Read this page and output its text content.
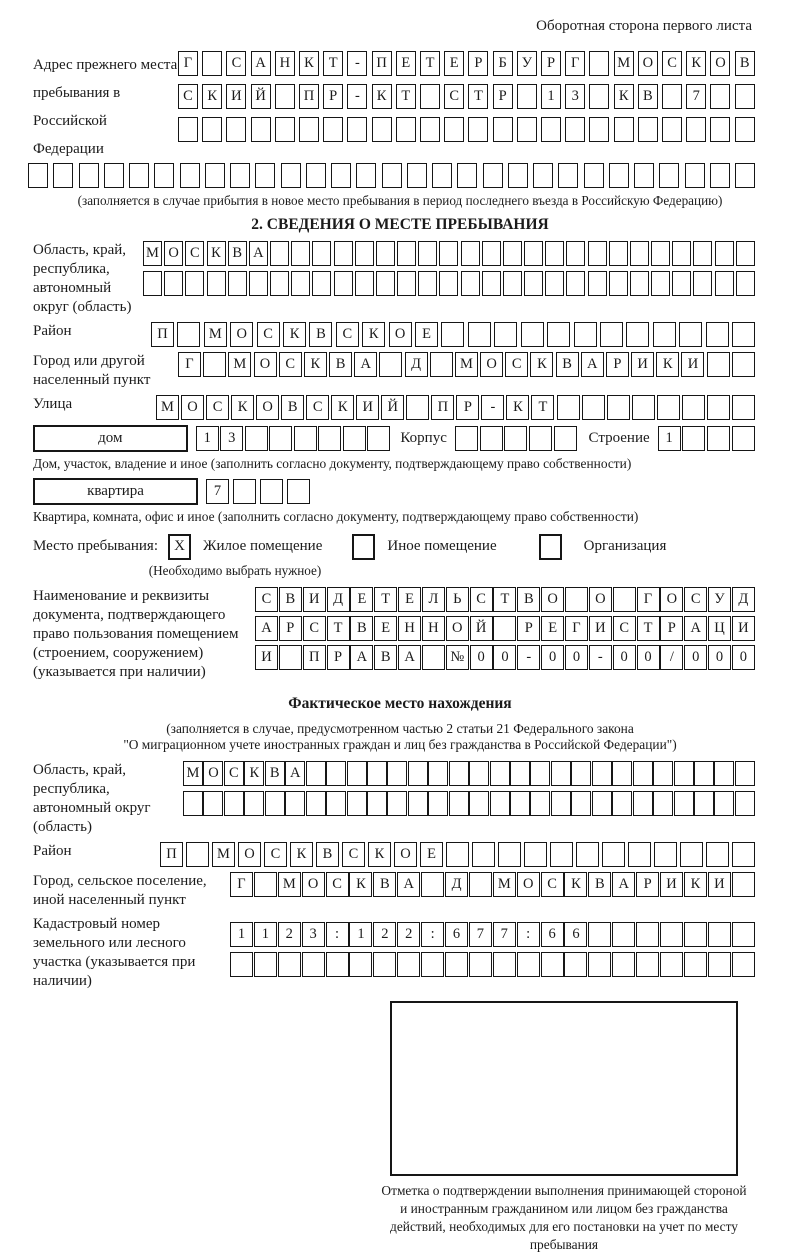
Оборотная сторона первого листа
Адрес прежнего места пребывания в Российской Федерации
Г	С А Н К	Т	-	П	Е	Т	Е	Р	Б	У	Р	Г	М О С	К О В
С	К И Й	П	Р	-	К	Т	С	Т	Р	1	3	К	В	7
(заполняется в случае прибытия в новое место пребывания в период последнего въезда в Российскую Федерацию)
2. СВЕДЕНИЯ О МЕСТЕ ПРЕБЫВАНИЯ
Область, край, республика, автономный округ (область)
М О С К В А
Район	П	М	О	С	К	В	С	К	О	Е
Город или другой населенный пункт
Г	М О	С	К	В	А	Д	М О	С	К	В	А	Р	И	К	И
Улица	М О	С	К	О	В	С	К	И	Й	П	Р	-	К	Т
дом	1	3	Корпус	Строение	1
Дом, участок, владение и иное (заполнить согласно документу, подтверждающему право собственности)
квартира	7
Квартира, комната, офис и иное (заполнить согласно документу, подтверждающему право собственности)
Место пребывания:	X	Жилое помещение	Иное помещение	Организация
(Необходимо выбрать нужное)
Наименование и реквизиты документа, подтверждающего право пользования помещением (строением, сооружением) (указывается при наличии)
С В И Д Е	Т	Е	Л	Ь	С	Т	В О	О	Г О С У Д
А	Р	С	Т	В	Е Н Н О Й	Р	Е	Г И С	Т	Р	А Ц И
И	П	Р	А В А	№ 0	0	-	0	0	-	0	0	/	0	0	0
Фактическое место нахождения
(заполняется в случае, предусмотренном частью 2 статьи 21 Федерального закона
"О миграционном учете иностранных граждан и лиц без гражданства в Российской Федерации")
Область, край, республика, автономный округ (область)
М О С К В А
Район	П	М О	С	К	В	С	К	О	Е
Город, сельское поселение, иной населенный пункт
Г	М О С К В А	Д	М О С К В А	Р	И К И
Кадастровый номер земельного или лесного участка (указывается при наличии)
1	1	2	3	:	1	2	2	:	6	7	7	:	6	6
Отметка о подтверждении выполнения принимающей стороной и иностранным гражданином или лицом без гражданства действий, необходимых для его постановки на учет по месту пребывания
